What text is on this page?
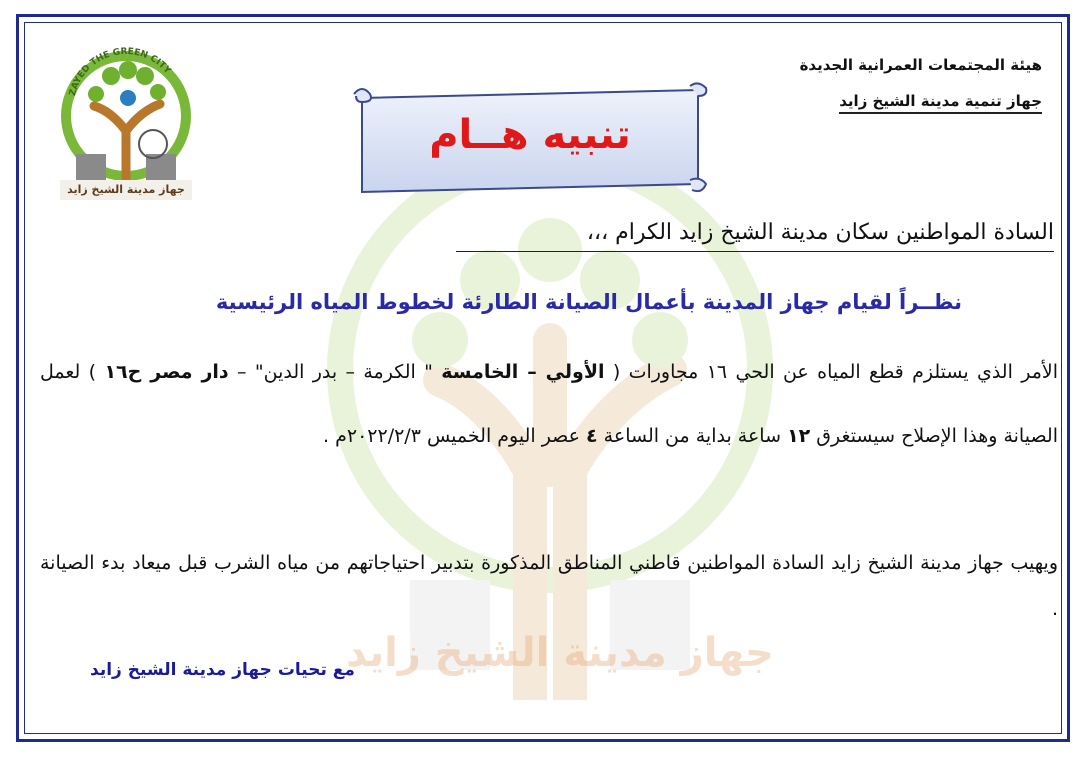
جهاز مدينة الشيخ زايد
ZAYED THE GREEN CITY
جهاز مدينة الشيخ زايد
هيئة المجتمعات العمرانية الجديدة
جهاز تنمية مدينة الشيخ زايد
تنبيه هــام
السادة المواطنين سكان مدينة الشيخ زايد الكرام ،،،
نظــراً لقيام جهاز المدينة بأعمال الصيانة الطارئة لخطوط المياه الرئيسية
الأمر الذي يستلزم قطع المياه عن الحي ١٦ مجاورات ( الأولي – الخامسة " الكرمة – بدر الدين" – دار مصر ح١٦ ) لعمل الصيانة وهذا الإصلاح سيستغرق ١٢ ساعة بداية من الساعة ٤ عصر اليوم الخميس ٢٠٢٢/٢/٣م .
ويهيب جهاز مدينة الشيخ زايد السادة المواطنين قاطني المناطق المذكورة بتدبير احتياجاتهم من مياه الشرب قبل ميعاد بدء الصيانة .
مع تحيات جهاز مدينة الشيخ زايد
